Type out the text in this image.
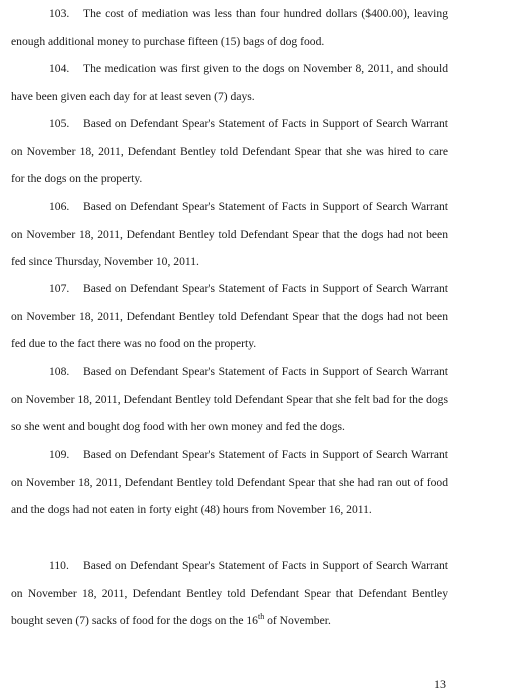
103. The cost of mediation was less than four hundred dollars ($400.00), leaving enough additional money to purchase fifteen (15) bags of dog food.

104. The medication was first given to the dogs on November 8, 2011, and should have been given each day for at least seven (7) days.

105. Based on Defendant Spear's Statement of Facts in Support of Search Warrant on November 18, 2011, Defendant Bentley told Defendant Spear that she was hired to care for the dogs on the property.

106. Based on Defendant Spear's Statement of Facts in Support of Search Warrant on November 18, 2011, Defendant Bentley told Defendant Spear that the dogs had not been fed since Thursday, November 10, 2011.

107. Based on Defendant Spear's Statement of Facts in Support of Search Warrant on November 18, 2011, Defendant Bentley told Defendant Spear that the dogs had not been fed due to the fact there was no food on the property.

108. Based on Defendant Spear's Statement of Facts in Support of Search Warrant on November 18, 2011, Defendant Bentley told Defendant Spear that she felt bad for the dogs so she went and bought dog food with her own money and fed the dogs.

109. Based on Defendant Spear's Statement of Facts in Support of Search Warrant on November 18, 2011, Defendant Bentley told Defendant Spear that she had ran out of food and the dogs had not eaten in forty eight (48) hours from November 16, 2011.

110. Based on Defendant Spear's Statement of Facts in Support of Search Warrant on November 18, 2011, Defendant Bentley told Defendant Spear that Defendant Bentley bought seven (7) sacks of food for the dogs on the 16th of November.

13
